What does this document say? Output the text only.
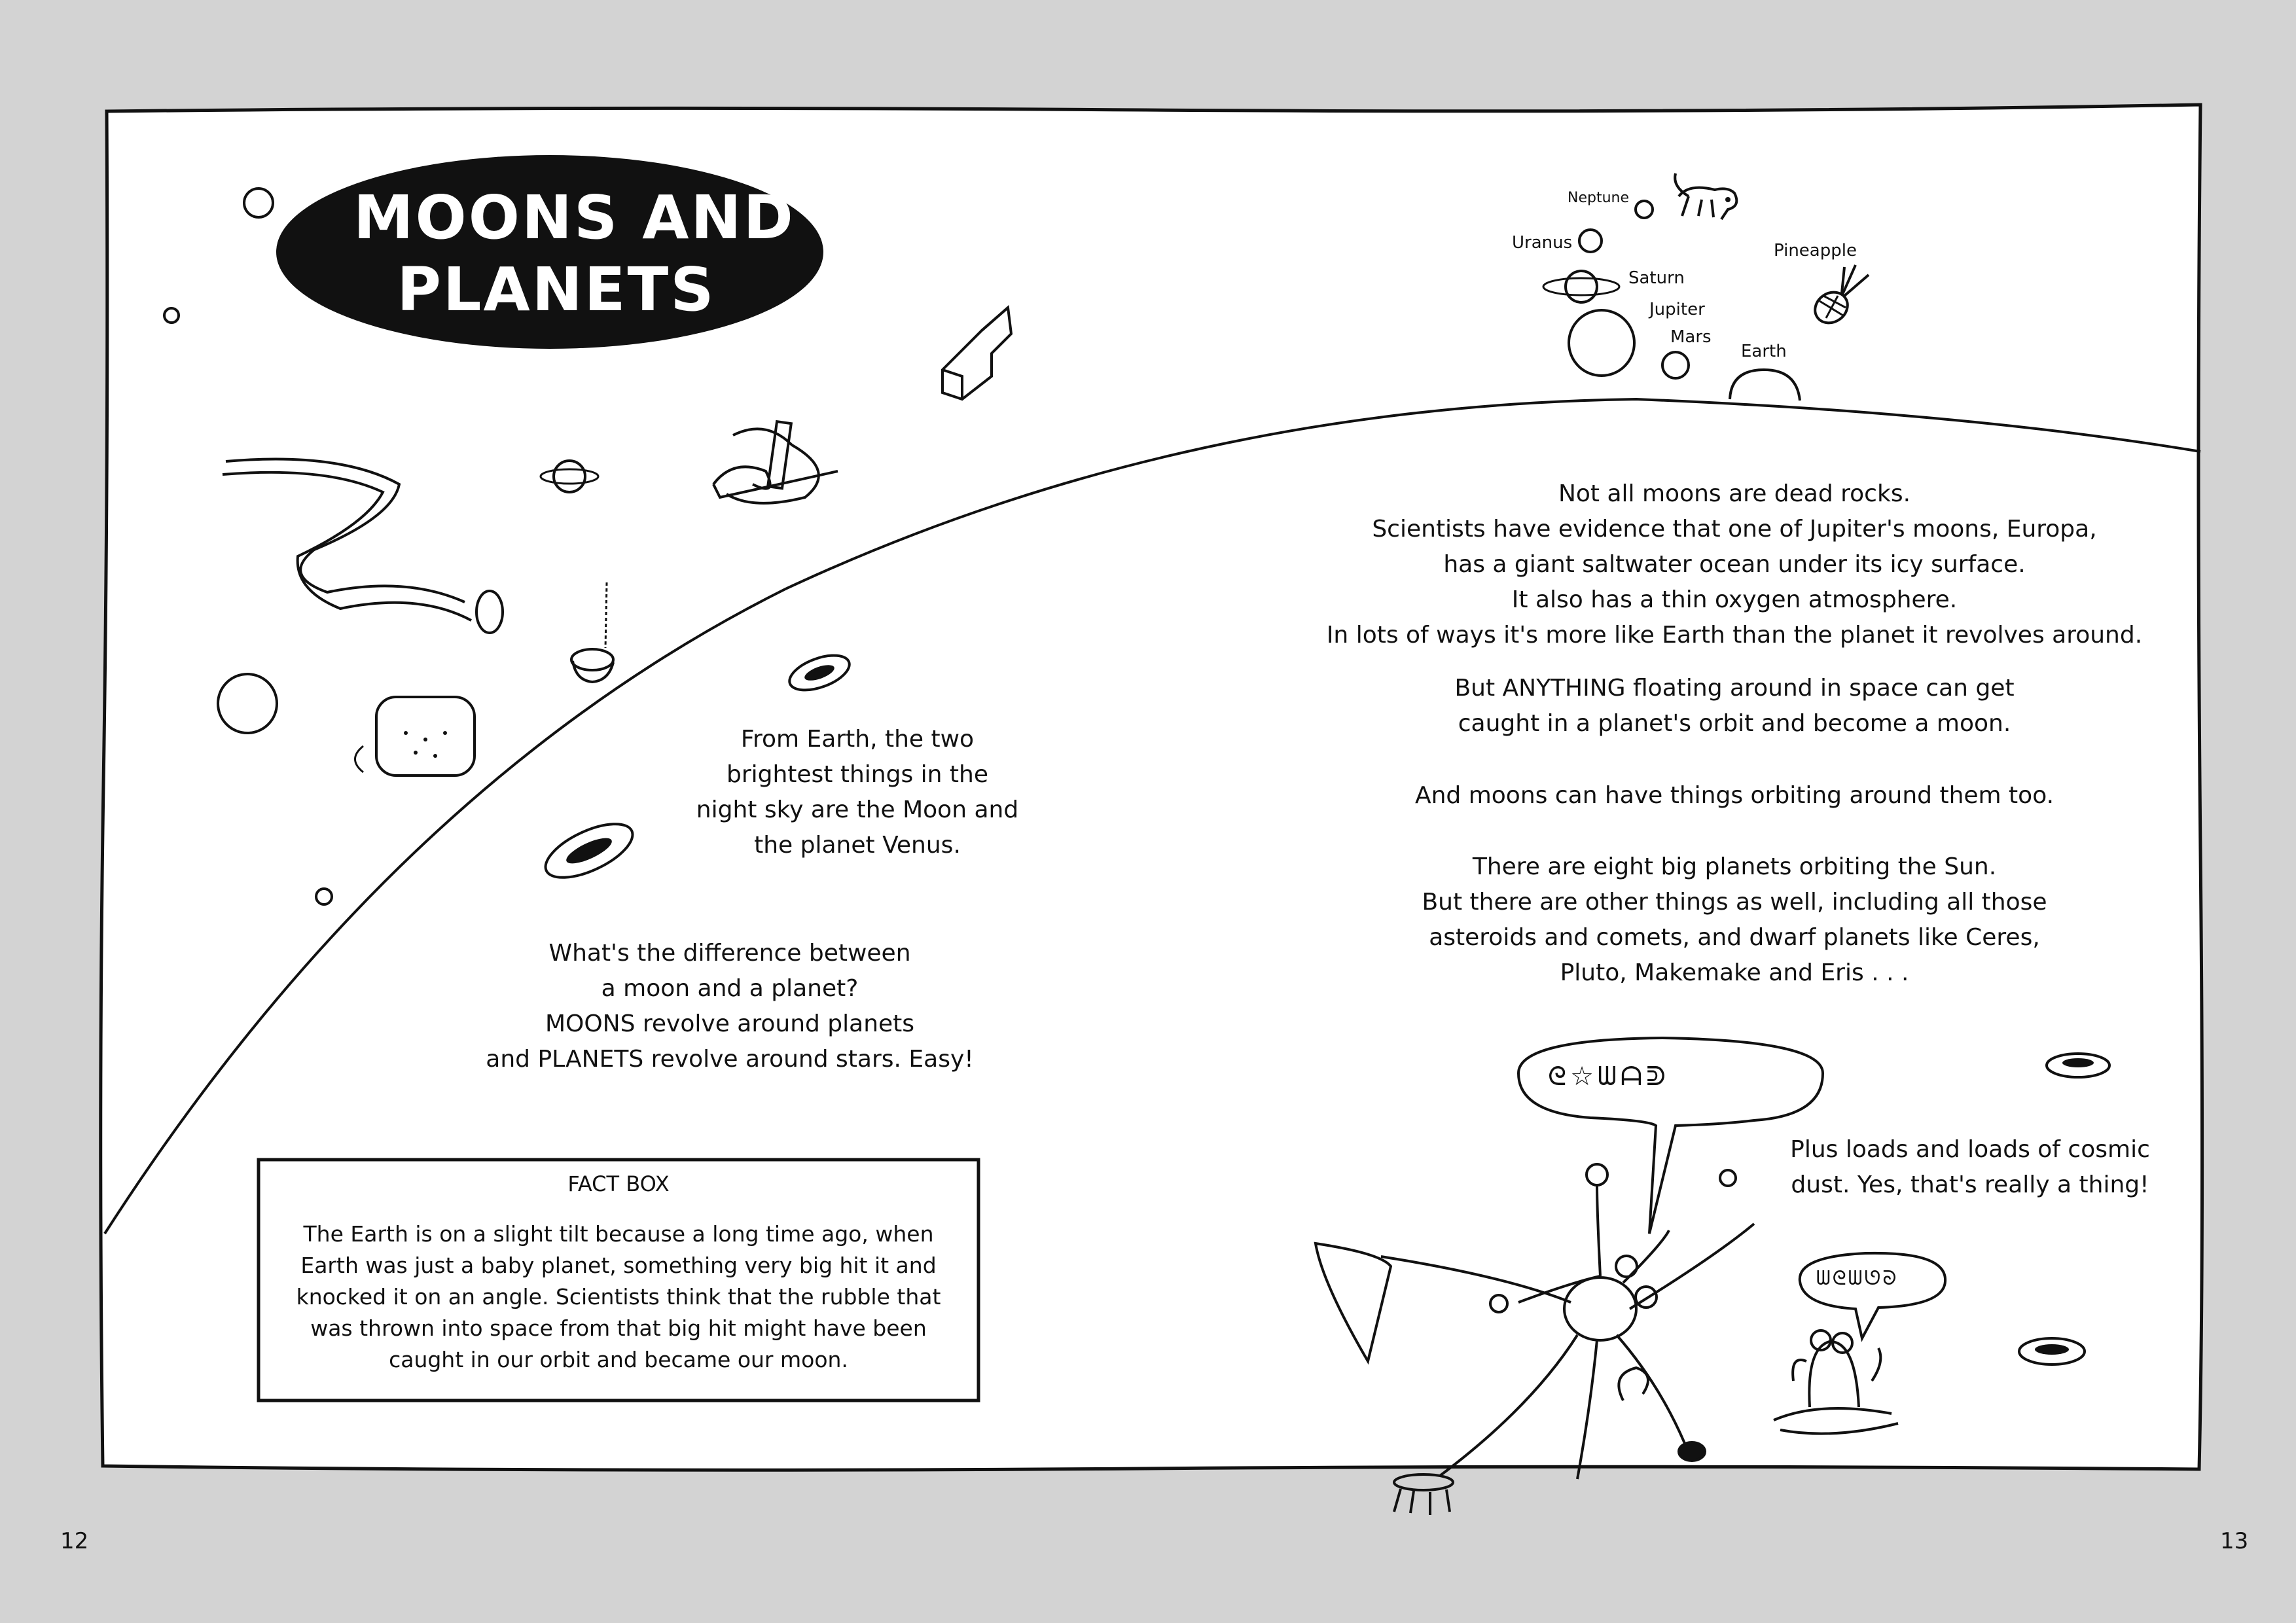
MOONS AND
PLANETS
Neptune
Uranus
Saturn
Jupiter
Mars
Earth
Pineapple
From Earth, the two
brightest things in the
night sky are the Moon and
the planet Venus.
What's the difference between
a moon and a planet?
MOONS revolve around planets
and PLANETS revolve around stars. Easy!
FACT BOX
The Earth is on a slight tilt because a long time ago, when
Earth was just a baby planet, something very big hit it and
knocked it on an angle. Scientists think that the rubble that
was thrown into space from that big hit might have been
caught in our orbit and became our moon.
Not all moons are dead rocks.
Scientists have evidence that one of Jupiter's moons, Europa,
has a giant saltwater ocean under its icy surface.
It also has a thin oxygen atmosphere.
In lots of ways it's more like Earth than the planet it revolves around.
But ANYTHING floating around in space can get
caught in a planet's orbit and become a moon.
And moons can have things orbiting around them too.
There are eight big planets orbiting the Sun.
But there are other things as well, including all those
asteroids and comets, and dwarf planets like Ceres,
Pluto, Makemake and Eris . . .
Plus loads and loads of cosmic
dust. Yes, that's really a thing!
ᘓ☆ᗯᗩᕲ
ᗯᘓᗯᘎᘐ
12	13
